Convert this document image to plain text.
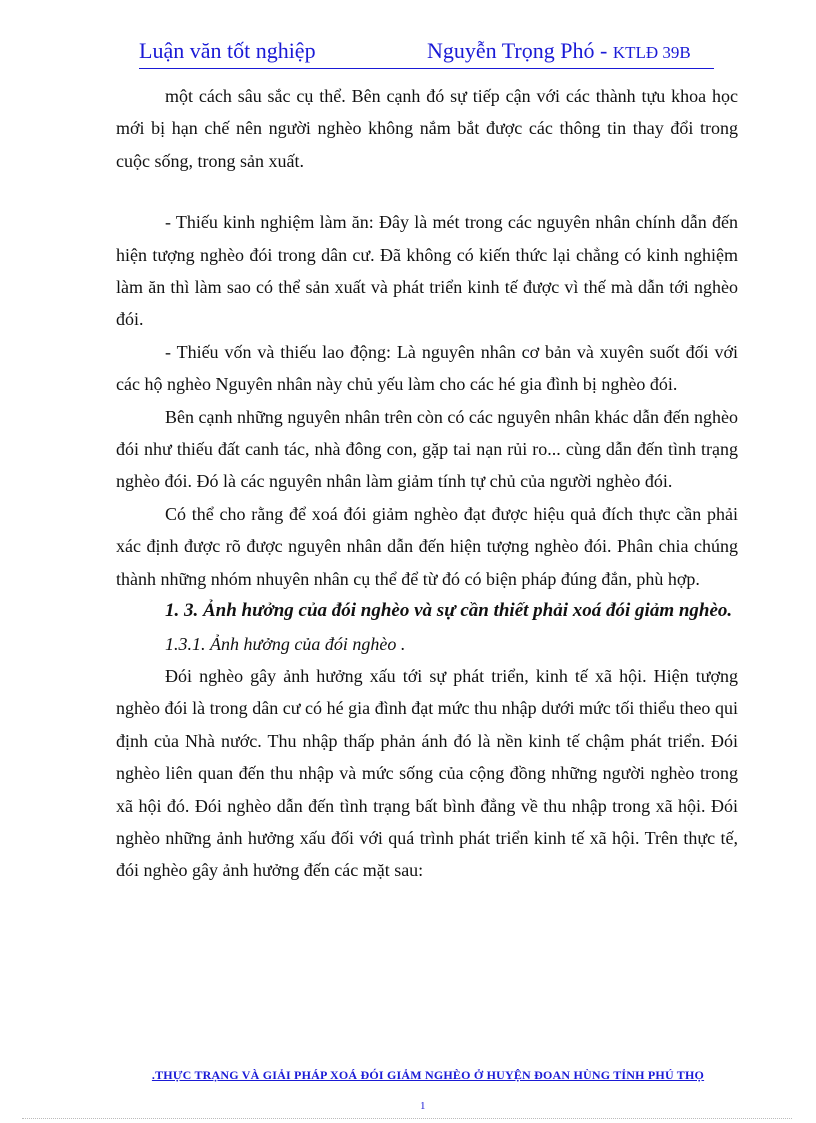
Luận văn tốt nghiệp	Nguyễn Trọng Phó - KTLĐ 39B

một cách sâu sắc cụ thể. Bên cạnh đó sự tiếp cận với các thành tựu khoa học mới bị hạn chế nên người nghèo không nắm bắt được các thông tin thay đổi trong cuộc sống, trong sản xuất.

- Thiếu kinh nghiệm làm ăn: Đây là mét trong các nguyên nhân chính dẫn đến hiện tượng nghèo đói trong dân cư. Đã không có kiến thức lại chẳng có kinh nghiệm làm ăn thì làm sao có thể sản xuất và phát triển kinh tế được vì thế mà dẫn tới nghèo đói.

- Thiếu vốn và thiếu lao động: Là nguyên nhân cơ bản và xuyên suốt đối với các hộ nghèo Nguyên nhân này chủ yếu làm cho các hé gia đình bị nghèo đói.

Bên cạnh những nguyên nhân trên còn có các nguyên nhân khác dẫn đến nghèo đói như thiếu đất canh tác, nhà đông con, gặp tai nạn rủi ro... cùng dẫn đến tình trạng nghèo đói. Đó là các nguyên nhân làm giảm tính tự chủ của người nghèo đói.

Có thể cho rằng để xoá đói giảm nghèo đạt được hiệu quả đích thực cần phải xác định được rõ được nguyên nhân dẫn đến hiện tượng nghèo đói. Phân chia chúng thành những nhóm nhuyên nhân cụ thể để từ đó có biện pháp đúng đắn, phù hợp.

1. 3. Ảnh hưởng của đói nghèo và sự cần thiết phải xoá đói giảm nghèo.

1.3.1. Ảnh hưởng của đói nghèo .

Đói nghèo gây ảnh hưởng xấu tới sự phát triển, kinh tế xã hội. Hiện tượng nghèo đói là trong dân cư có hé gia đình đạt mức thu nhập dưới mức tối thiểu theo qui định của Nhà nước. Thu nhập thấp phản ánh đó là nền kinh tế chậm phát triển. Đói nghèo liên quan đến thu nhập và mức sống của cộng đồng những người nghèo trong xã hội đó. Đói nghèo dẫn đến tình trạng bất bình đẳng về thu nhập trong xã hội. Đói nghèo những ảnh hưởng xấu đối với quá trình phát triển kinh tế xã hội. Trên thực tế, đói nghèo gây ảnh hưởng đến các mặt sau:

.THỰC TRẠNG VÀ GIẢI PHÁP XOÁ ĐÓI GIẢM NGHÈO Ở HUYỆN ĐOAN HÙNG TỈNH PHÚ THỌ
1
